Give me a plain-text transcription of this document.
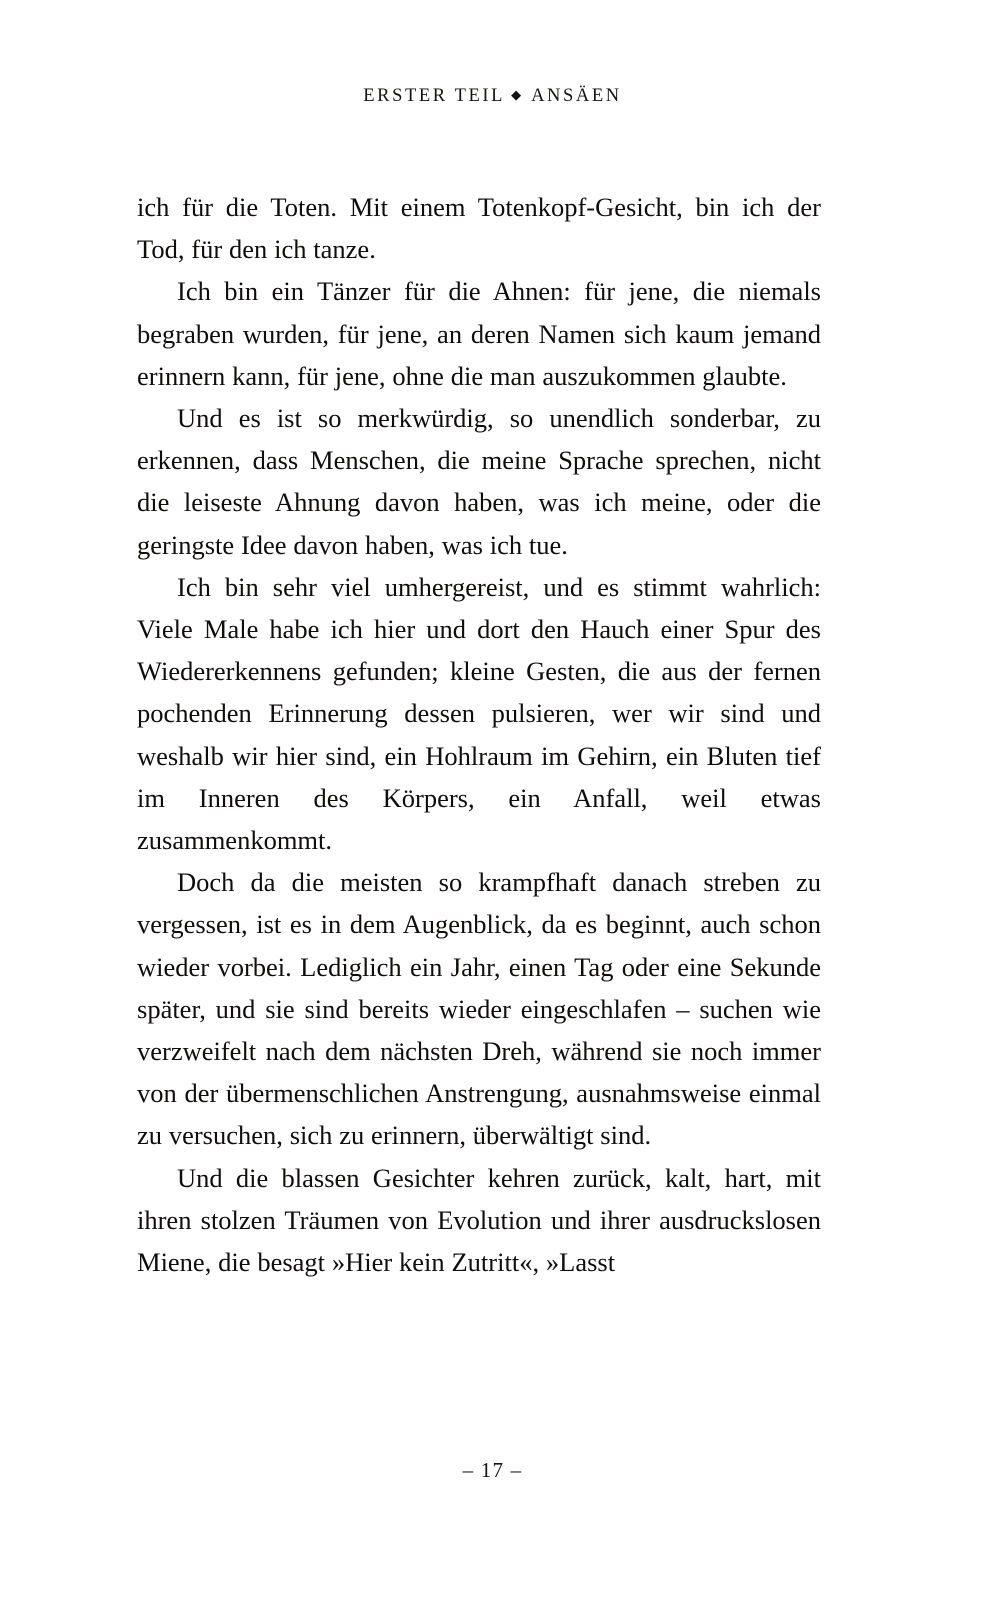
ERSTER TEIL ◆ ANSÄEN

ich für die Toten. Mit einem Totenkopf-Gesicht, bin ich der Tod, für den ich tanze.

Ich bin ein Tänzer für die Ahnen: für jene, die niemals begraben wurden, für jene, an deren Namen sich kaum jemand erinnern kann, für jene, ohne die man auszukommen glaubte.

Und es ist so merkwürdig, so unendlich sonderbar, zu erkennen, dass Menschen, die meine Sprache sprechen, nicht die leiseste Ahnung davon haben, was ich meine, oder die geringste Idee davon haben, was ich tue.

Ich bin sehr viel umhergereist, und es stimmt wahrlich: Viele Male habe ich hier und dort den Hauch einer Spur des Wiedererkennens gefunden; kleine Gesten, die aus der fernen pochenden Erinnerung dessen pulsieren, wer wir sind und weshalb wir hier sind, ein Hohlraum im Gehirn, ein Bluten tief im Inneren des Körpers, ein Anfall, weil etwas zusammenkommt.

Doch da die meisten so krampfhaft danach streben zu vergessen, ist es in dem Augenblick, da es beginnt, auch schon wieder vorbei. Lediglich ein Jahr, einen Tag oder eine Sekunde später, und sie sind bereits wieder eingeschlafen – suchen wie verzweifelt nach dem nächsten Dreh, während sie noch immer von der übermenschlichen Anstrengung, ausnahmsweise einmal zu versuchen, sich zu erinnern, überwältigt sind.

Und die blassen Gesichter kehren zurück, kalt, hart, mit ihren stolzen Träumen von Evolution und ihrer ausdruckslosen Miene, die besagt »Hier kein Zutritt«, »Lasst

– 17 –
